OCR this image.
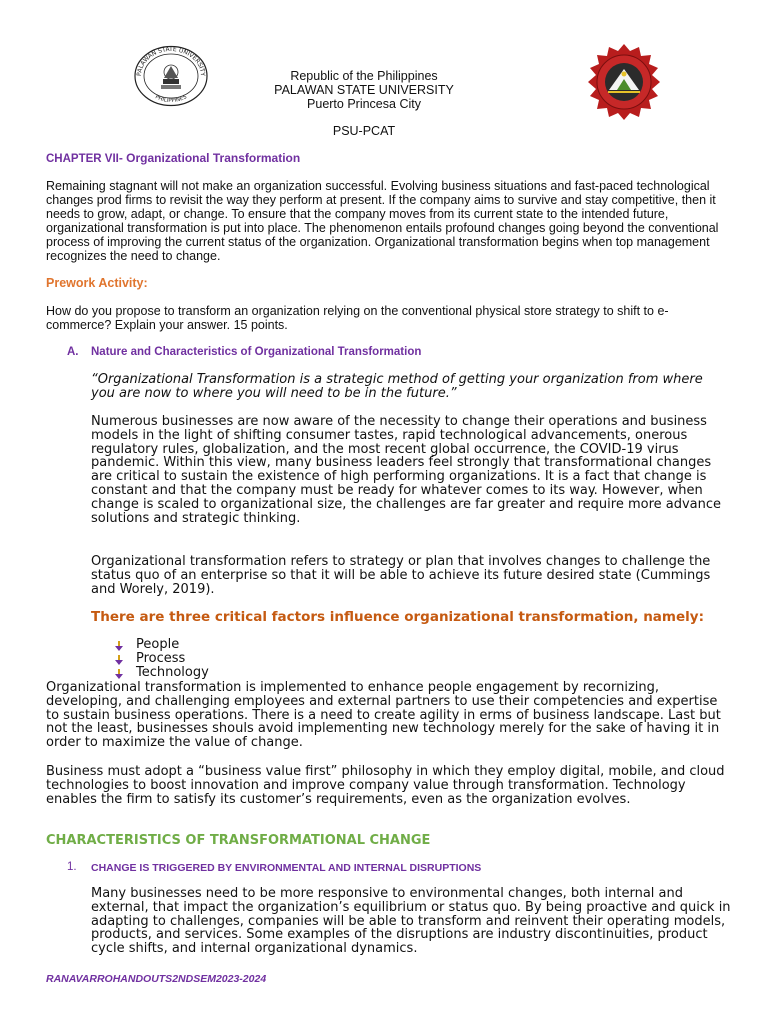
PALAWAN STATE UNIVERSITY
PHILIPPINES
Republic of the Philippines
PALAWAN STATE UNIVERSITY
Puerto Princesa City
PSU-PCAT
CHAPTER VII- Organizational Transformation
Remaining stagnant will not make an organization successful. Evolving business situations and fast-paced technological changes prod firms to revisit the way they perform at present. If the company aims to survive and stay competitive, then it needs to grow, adapt, or change. To ensure that the company moves from its current state to the intended future, organizational transformation is put into place. The phenomenon entails profound changes going beyond the conventional process of improving the current status of the organization. Organizational transformation begins when top management recognizes the need to change.
Prework Activity:
How do you propose to transform an organization relying on the conventional physical store strategy to shift to e-commerce? Explain your answer. 15 points.
A. Nature and Characteristics of Organizational Transformation
“Organizational Transformation is a strategic method of getting your organization from where you are now to where you will need to be in the future.”
Numerous businesses are now aware of the necessity to change their operations and business models in the light of shifting consumer tastes, rapid technological advancements, onerous regulatory rules, globalization, and the most recent global occurrence, the COVID-19 virus pandemic. Within this view, many business leaders feel strongly that transformational changes are critical to sustain the existence of high performing organizations. It is a fact that change is constant and that the company must be ready for whatever comes to its way. However, when change is scaled to organizational size, the challenges are far greater and require more advance solutions and strategic thinking.
Organizational transformation refers to strategy or plan that involves changes to challenge the status quo of an enterprise so that it will be able to achieve its future desired state (Cummings and Worely, 2019).
There are three critical factors influence organizational transformation, namely:
People
Process
Technology
Organizational transformation is implemented to enhance people engagement by recornizing, developing, and challenging employees and external partners to use their competencies and expertise to sustain business operations. There is a need to create agility in erms of business landscape. Last but not the least, businesses shouls avoid implementing new technology merely for the sake of having it in order to maximize the value of change.
Business must adopt a “business value first” philosophy in which they employ digital, mobile, and cloud technologies to boost innovation and improve company value through transformation. Technology enables the firm to satisfy its customer’s requirements, even as the organization evolves.
CHARACTERISTICS OF TRANSFORMATIONAL CHANGE
1. CHANGE IS TRIGGERED BY ENVIRONMENTAL AND INTERNAL DISRUPTIONS
Many businesses need to be more responsive to environmental changes, both internal and external, that impact the organization’s equilibrium or status quo. By being proactive and quick in adapting to challenges, companies will be able to transform and reinvent their operating models, products, and services. Some examples of the disruptions are industry discontinuities, product cycle shifts, and internal organizational dynamics.
RANAVARROHANDOUTS2NDSEM2023-2024
